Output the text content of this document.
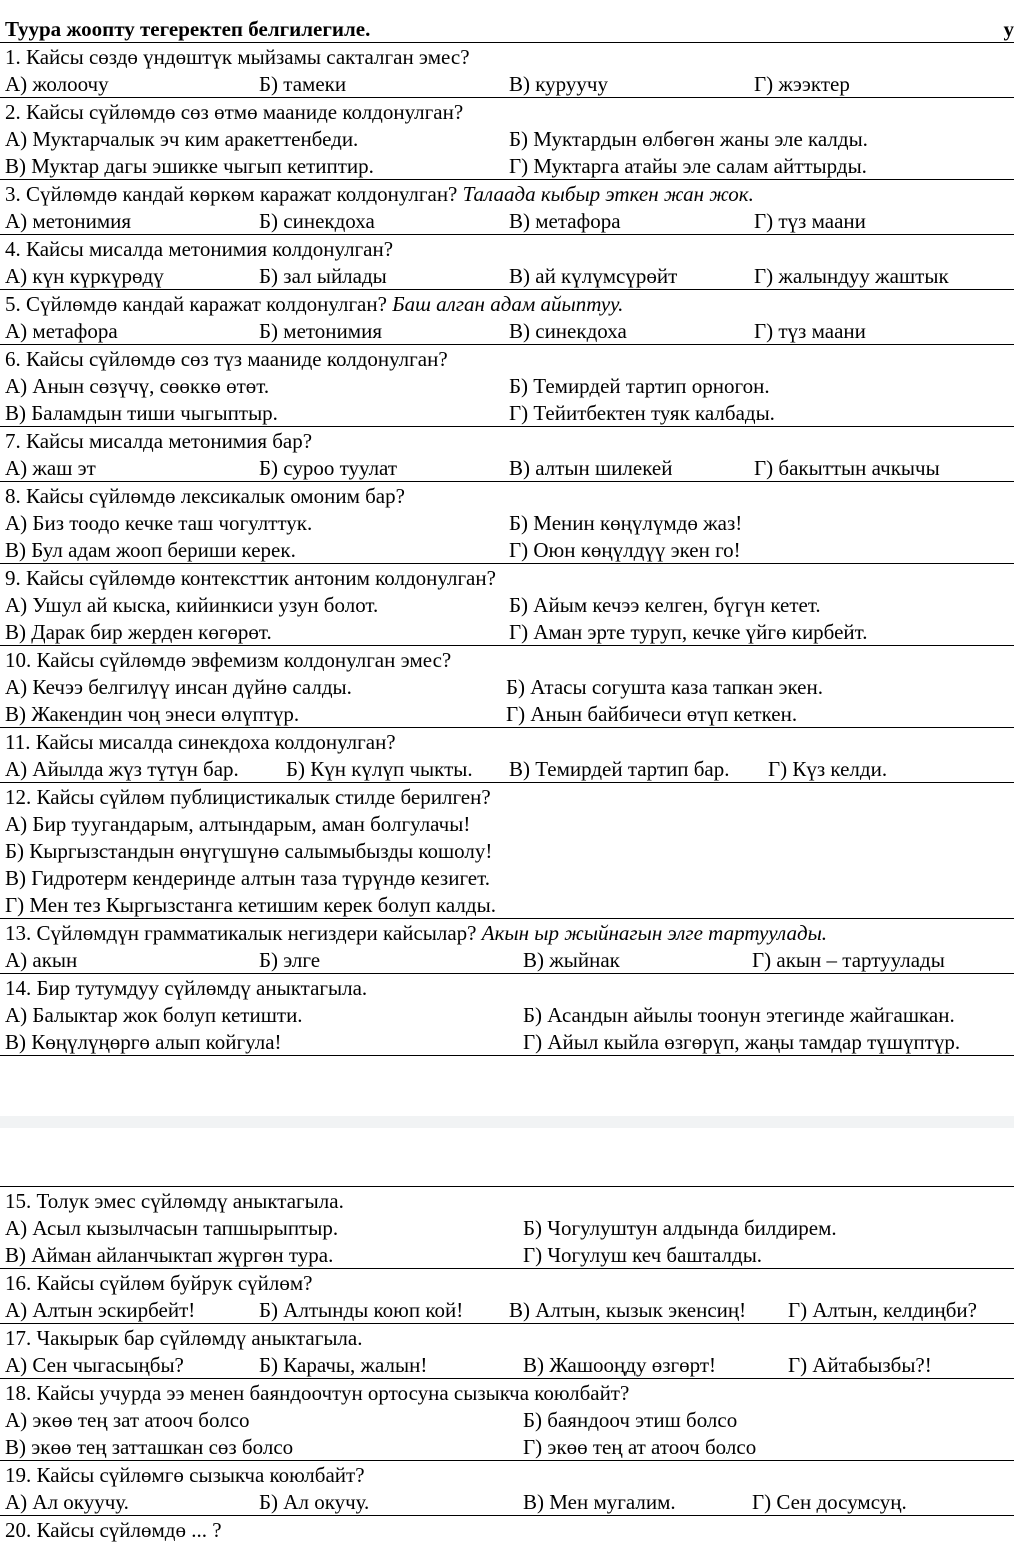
Туура жоопту тегеректеп белгилегиле.	у
1. Кайсы сөздө үндөштүк мыйзамы сакталган эмес?
А) жолоочу	Б) тамеки	В) куруучу	Г) жээктер
2. Кайсы сүйлөмдө сөз өтмө мааниде колдонулган?
А) Муктарчалык эч ким аракеттенбеди.	Б) Муктардын өлбөгөн жаны эле калды.
В) Муктар дагы эшикке чыгып кетиптир.	Г) Муктарга атайы эле салам айттырды.
3. Сүйлөмдө кандай көркөм каражат колдонулган? Талаада кыбыр эткен жан жок.
А) метонимия	Б) синекдоха	В) метафора	Г) түз маани
4. Кайсы мисалда метонимия колдонулган?
А) күн күркүрөдү	Б) зал ыйлады	В) ай күлүмсүрөйт	Г) жалындуу жаштык
5. Сүйлөмдө кандай каражат колдонулган? Баш алган адам айыптуу.
А) метафора	Б) метонимия	В) синекдоха	Г) түз маани
6. Кайсы сүйлөмдө сөз түз мааниде колдонулган?
А) Анын сөзүчү, сөөккө өтөт.	Б) Темирдей тартип орногон.
В) Баламдын тиши чыгыптыр.	Г) Тейитбектен туяк калбады.
7. Кайсы мисалда метонимия бар?
А) жаш эт	Б) суроо туулат	В) алтын шилекей	Г) бакыттын ачкычы
8. Кайсы сүйлөмдө лексикалык омоним бар?
А) Биз тоодо кечке таш чогулттук.	Б) Менин көңүлүмдө жаз!
В) Бул адам жооп бериши керек.	Г) Оюн көңүлдүү экен го!
9. Кайсы сүйлөмдө контексттик антоним колдонулган?
А) Ушул ай кыска, кийинкиси узун болот.	Б) Айым кечээ келген, бүгүн кетет.
В) Дарак бир жерден көгөрөт.	Г) Аман эрте туруп, кечке үйгө кирбейт.
10. Кайсы сүйлөмдө эвфемизм колдонулган эмес?
А) Кечээ белгилүү инсан дүйнө салды.	Б) Атасы согушта каза тапкан экен.
В) Жакендин чоң энеси өлүптүр.	Г) Анын байбичеси өтүп кеткен.
11. Кайсы мисалда синекдоха колдонулган?
А) Айылда жүз түтүн бар. Б) Күн күлүп чыкты. В) Темирдей тартип бар. Г) Күз келди.
12. Кайсы сүйлөм публицистикалык стилде берилген?
А) Бир туугандарым, алтындарым, аман болгулачы!
Б) Кыргызстандын өнүгүшүнө салымыбызды кошолу!
В) Гидротерм кендеринде алтын таза түрүндө кезигет.
Г) Мен тез Кыргызстанга кетишим керек болуп калды.
13. Сүйлөмдүн грамматикалык негиздери кайсылар? Акын ыр жыйнагын элге тартуулады.
А) акын	Б) элге	В) жыйнак	Г) акын – тартуулады
14. Бир тутумдуу сүйлөмдү аныктагыла.
А) Балыктар жок болуп кетишти.	Б) Асандын айылы тоонун этегинде жайгашкан.
В) Көңүлүңөргө алып койгула!	Г) Айыл кыйла өзгөрүп, жаңы тамдар түшүптүр.
15. Толук эмес сүйлөмдү аныктагыла.
А) Асыл кызылчасын тапшырыптыр.	Б) Чогулуштун алдында билдирем.
В) Айман айланчыктап жүргөн тура.	Г) Чогулуш кеч башталды.
16. Кайсы сүйлөм буйрук сүйлөм?
А) Алтын эскирбейт!	Б) Алтынды коюп кой! В) Алтын, кызык экенсиң! Г) Алтын, келдиңби?
17. Чакырык бар сүйлөмдү аныктагыла.
А) Сен чыгасыңбы?	Б) Карачы, жалын!	В) Жашооңду өзгөрт!	Г) Айтабызбы?!
18. Кайсы учурда ээ менен баяндоочтун ортосуна сызыкча коюлбайт?
А) экөө тең зат атооч болсо	Б) баяндооч этиш болсо
В) экөө тең затташкан сөз болсо	Г) экөө тең ат атооч болсо
19. Кайсы сүйлөмгө сызыкча коюлбайт?
А) Ал окуучу.	Б) Ал окучу.	В) Мен мугалим.	Г) Сен досумсуң.
20. Кайсы сүйлөмдө ... ?
